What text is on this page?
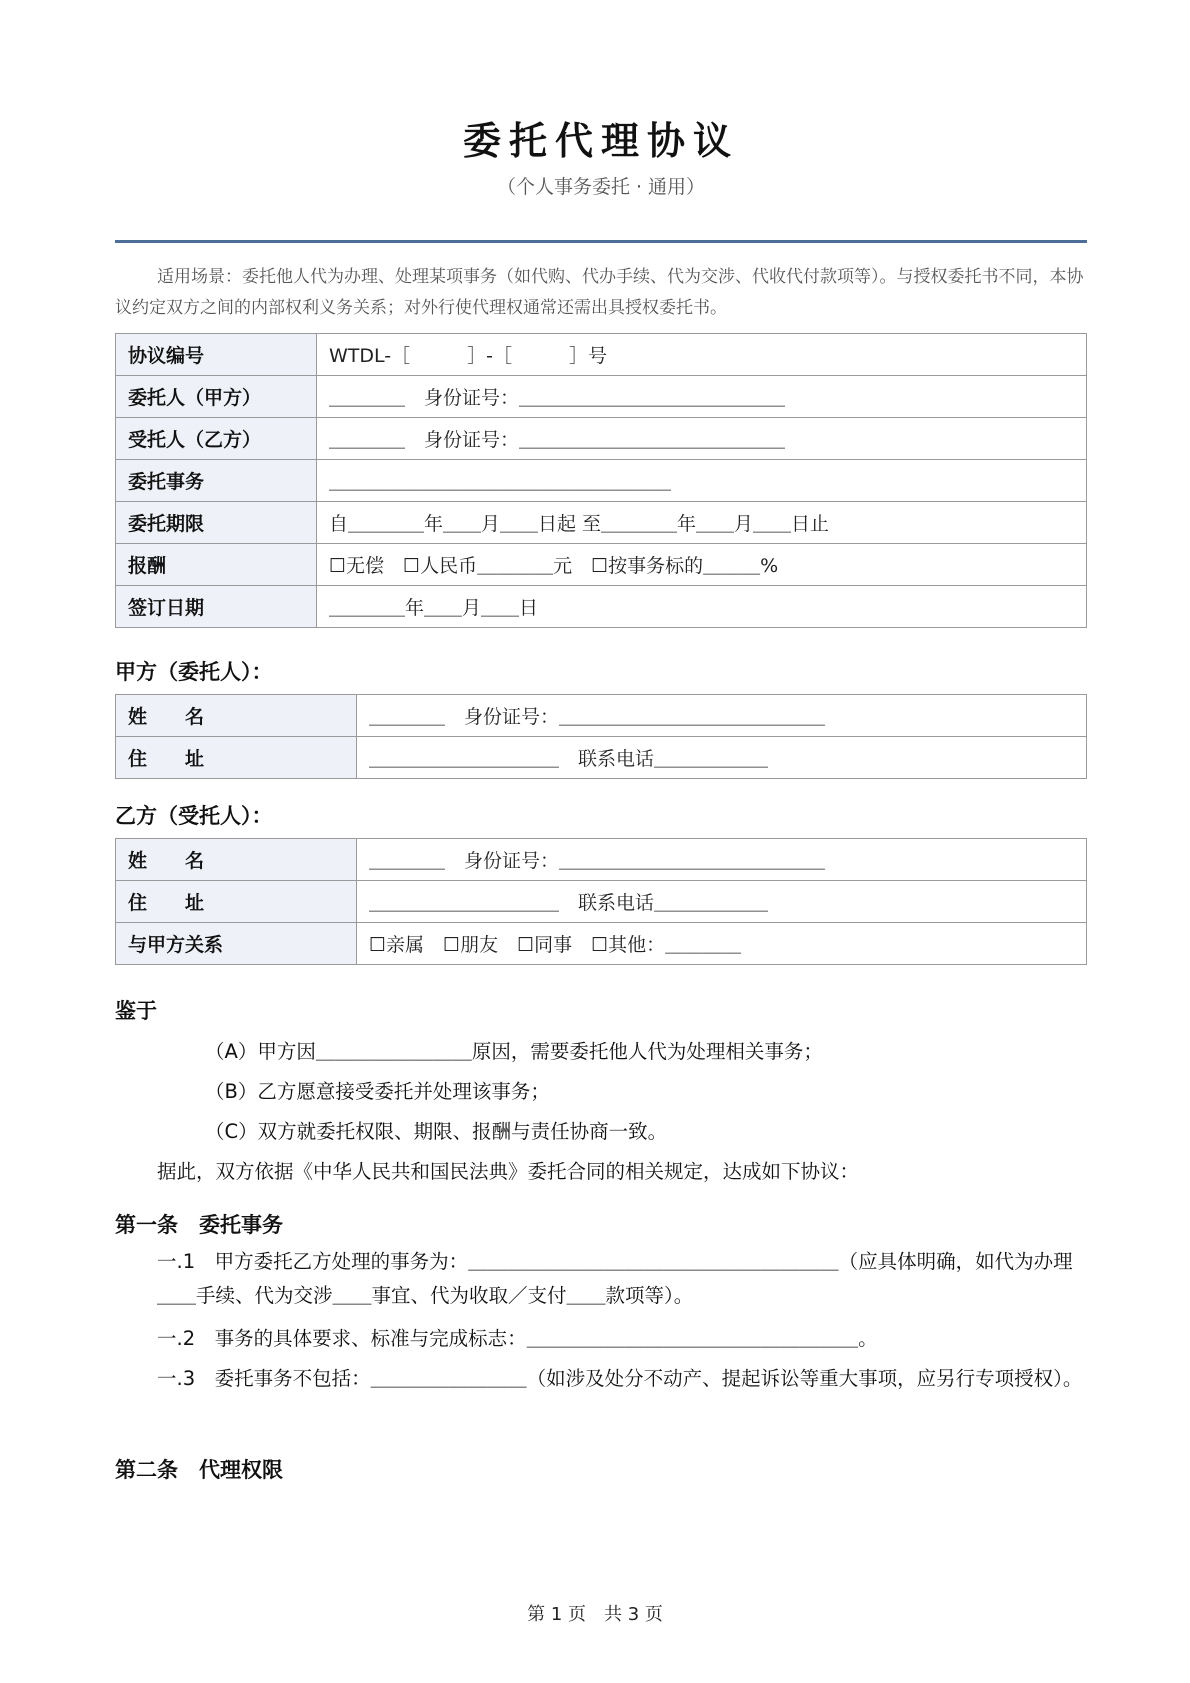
委托代理协议
（个人事务委托 · 通用）
适用场景：委托他人代为办理、处理某项事务（如代购、代办手续、代为交涉、代收代付款项等）。与授权委托书不同，本协议约定双方之间的内部权利义务关系；对外行使代理权通常还需出具授权委托书。
协议编号	WTDL-［　　　］-［　　　］号
委托人（甲方）	＿＿＿＿　身份证号：＿＿＿＿＿＿＿＿＿＿＿＿＿＿
受托人（乙方）	＿＿＿＿　身份证号：＿＿＿＿＿＿＿＿＿＿＿＿＿＿
委托事务	＿＿＿＿＿＿＿＿＿＿＿＿＿＿＿＿＿＿
委托期限	自＿＿＿＿年＿＿月＿＿日起 至＿＿＿＿年＿＿月＿＿日止
报酬	☐无偿　☐人民币＿＿＿＿元　☐按事务标的＿＿＿%
签订日期	＿＿＿＿年＿＿月＿＿日
甲方（委托人）：
姓　　名	＿＿＿＿　身份证号：＿＿＿＿＿＿＿＿＿＿＿＿＿＿
住　　址	＿＿＿＿＿＿＿＿＿＿　联系电话＿＿＿＿＿＿
乙方（受托人）：
姓　　名	＿＿＿＿　身份证号：＿＿＿＿＿＿＿＿＿＿＿＿＿＿
住　　址	＿＿＿＿＿＿＿＿＿＿　联系电话＿＿＿＿＿＿
与甲方关系	☐亲属　☐朋友　☐同事　☐其他：＿＿＿＿
鉴于
（A）甲方因＿＿＿＿＿＿＿＿原因，需要委托他人代为处理相关事务；
（B）乙方愿意接受委托并处理该事务；
（C）双方就委托权限、期限、报酬与责任协商一致。
据此，双方依据《中华人民共和国民法典》委托合同的相关规定，达成如下协议：
第一条　委托事务
一.1　甲方委托乙方处理的事务为：＿＿＿＿＿＿＿＿＿＿＿＿＿＿＿＿＿＿＿（应具体明确，如代为办理＿＿手续、代为交涉＿＿事宜、代为收取／支付＿＿款项等）。
一.2　事务的具体要求、标准与完成标志：＿＿＿＿＿＿＿＿＿＿＿＿＿＿＿＿＿。
一.3　委托事务不包括：＿＿＿＿＿＿＿＿（如涉及处分不动产、提起诉讼等重大事项，应另行专项授权）。
第二条　代理权限
第 1 页　共 3 页
